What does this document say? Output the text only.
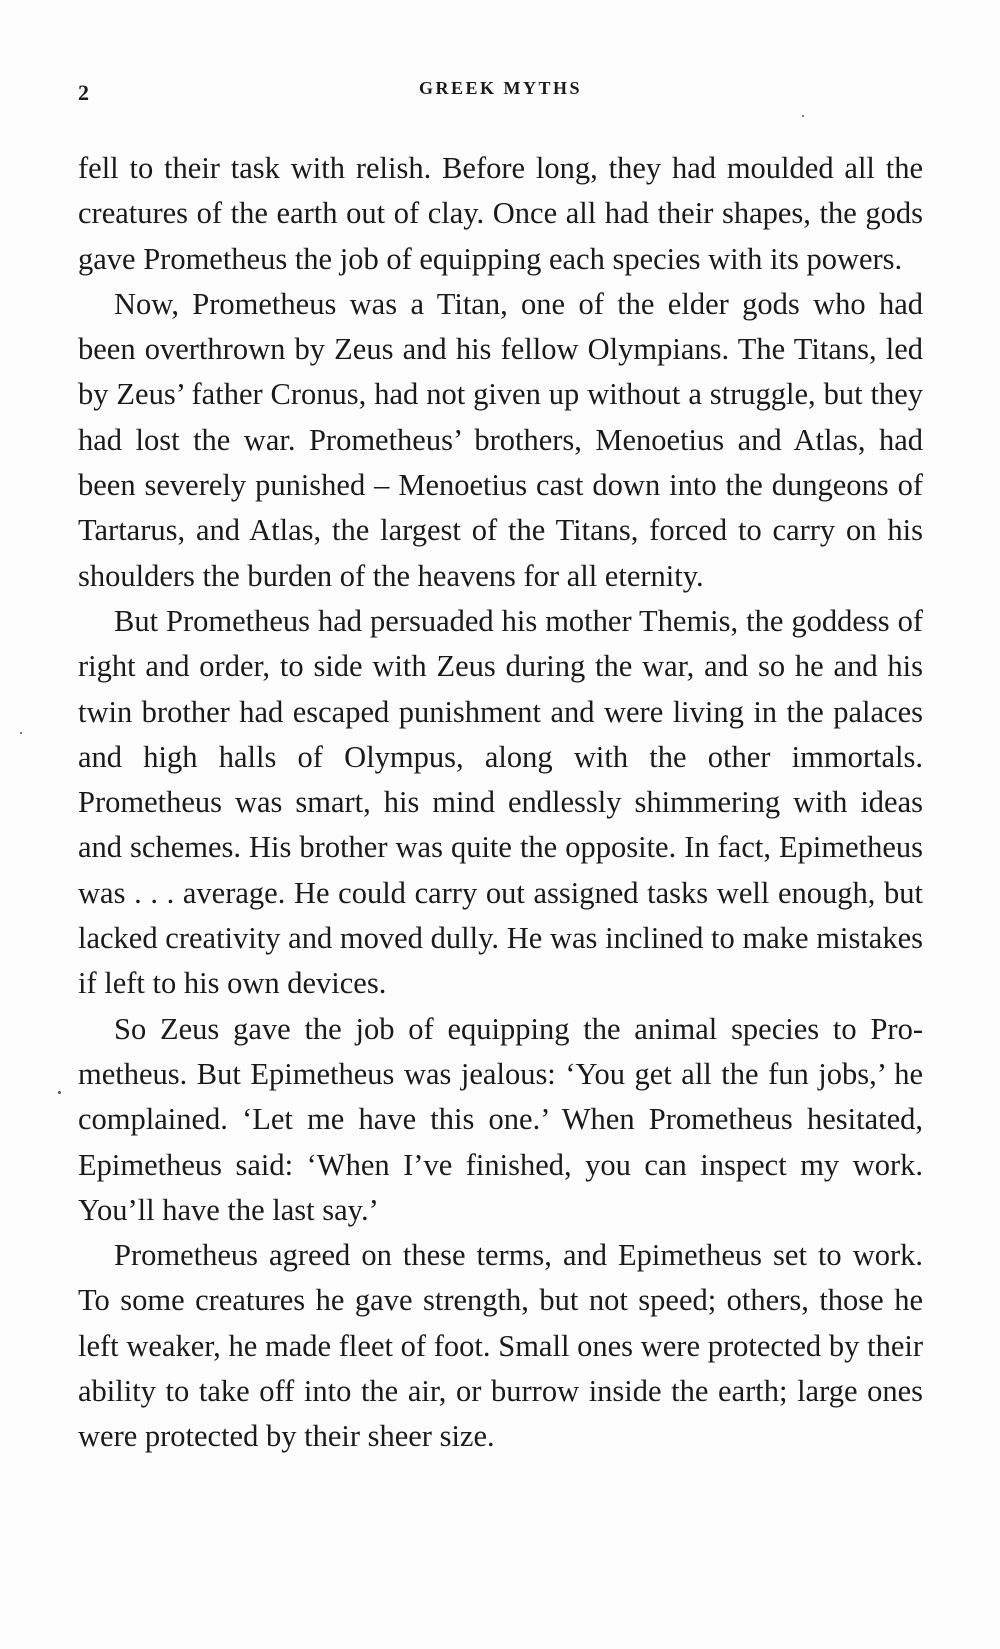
2	GREEK MYTHS

fell to their task with relish. Before long, they had moulded all the creatures of the earth out of clay. Once all had their shapes, the gods gave Prometheus the job of equipping each species with its powers.

Now, Prometheus was a Titan, one of the elder gods who had been overthrown by Zeus and his fellow Olympians. The Titans, led by Zeus’ father Cronus, had not given up without a struggle, but they had lost the war. Prometheus’ brothers, Menoetius and Atlas, had been severely punished – Menoetius cast down into the dungeons of Tartarus, and Atlas, the largest of the Titans, forced to carry on his shoulders the burden of the heavens for all eternity.

But Prometheus had persuaded his mother Themis, the goddess of right and order, to side with Zeus during the war, and so he and his twin brother had escaped punishment and were living in the palaces and high halls of Olympus, along with the other immortals. Prometheus was smart, his mind endlessly shimmering with ideas and schemes. His brother was quite the opposite. In fact, Epimetheus was . . . average. He could carry out assigned tasks well enough, but lacked creativity and moved dully. He was inclined to make mistakes if left to his own devices.

So Zeus gave the job of equipping the animal species to Prometheus. But Epimetheus was jealous: ‘You get all the fun jobs,’ he complained. ‘Let me have this one.’ When Prometheus hesitated, Epimetheus said: ‘When I’ve finished, you can inspect my work. You’ll have the last say.’

Prometheus agreed on these terms, and Epimetheus set to work. To some creatures he gave strength, but not speed; others, those he left weaker, he made fleet of foot. Small ones were protected by their ability to take off into the air, or burrow inside the earth; large ones were protected by their sheer size.
